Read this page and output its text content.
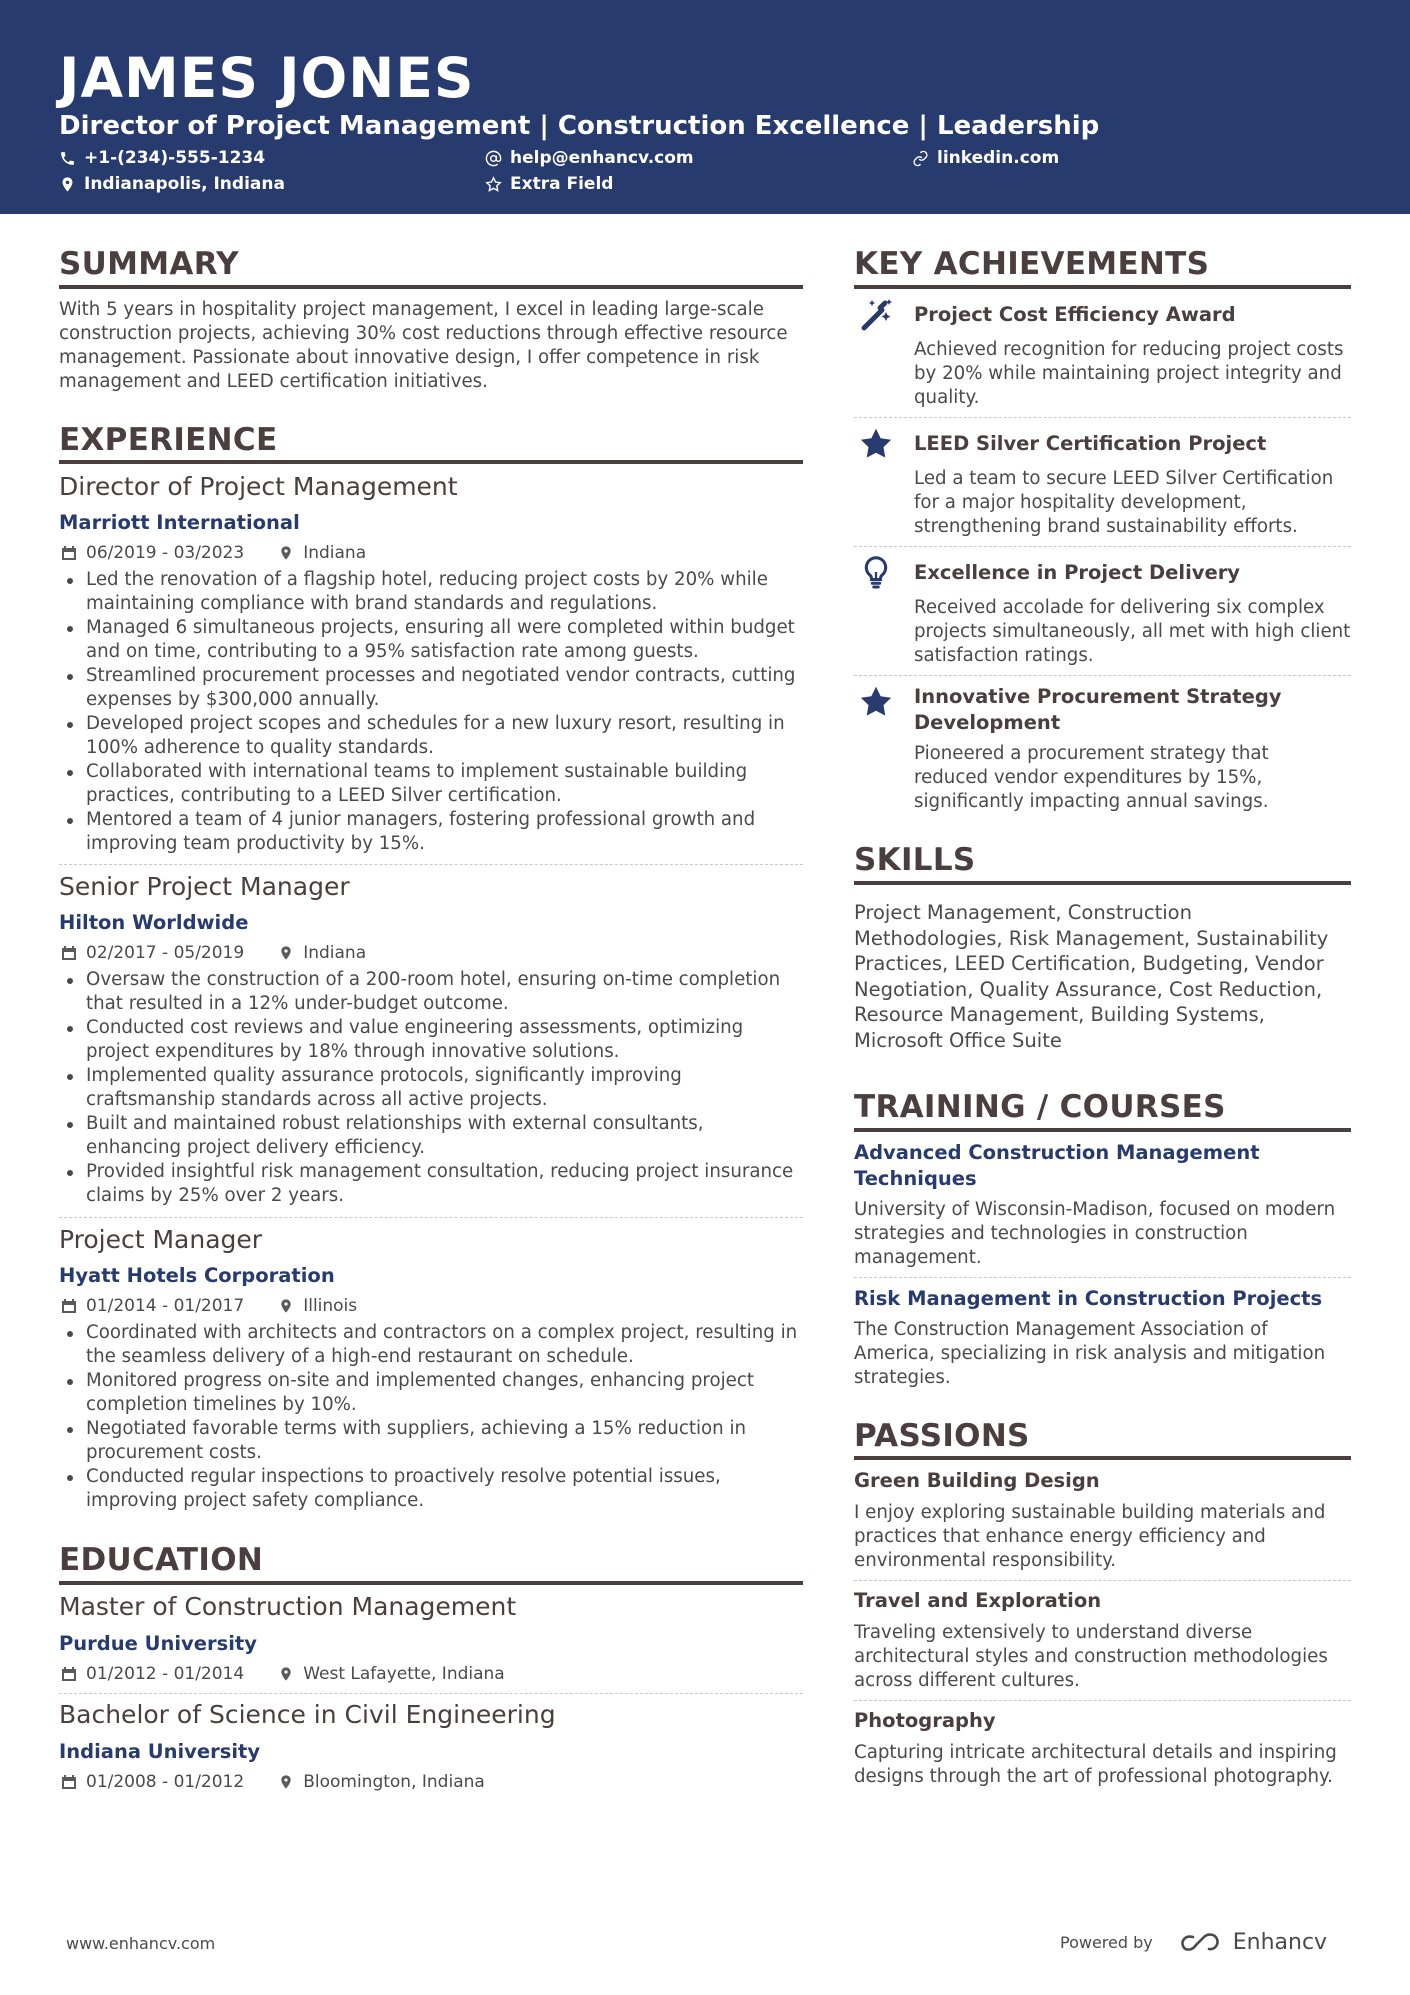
JAMES JONES
Director of Project Management | Construction Excellence | Leadership
+1-(234)-555-1234	help@enhancv.com	linkedin.com
Indianapolis, Indiana	Extra Field
SUMMARY
With 5 years in hospitality project management, I excel in leading large-scale
construction projects, achieving 30% cost reductions through effective resource
management. Passionate about innovative design, I offer competence in risk
management and LEED certification initiatives.
EXPERIENCE
Director of Project Management
Marriott International
06/2019 - 03/2023	Indiana
Led the renovation of a flagship hotel, reducing project costs by 20% while
maintaining compliance with brand standards and regulations.
Managed 6 simultaneous projects, ensuring all were completed within budget
and on time, contributing to a 95% satisfaction rate among guests.
Streamlined procurement processes and negotiated vendor contracts, cutting
expenses by $300,000 annually.
Developed project scopes and schedules for a new luxury resort, resulting in
100% adherence to quality standards.
Collaborated with international teams to implement sustainable building
practices, contributing to a LEED Silver certification.
Mentored a team of 4 junior managers, fostering professional growth and
improving team productivity by 15%.
Senior Project Manager
Hilton Worldwide
02/2017 - 05/2019	Indiana
Oversaw the construction of a 200-room hotel, ensuring on-time completion
that resulted in a 12% under-budget outcome.
Conducted cost reviews and value engineering assessments, optimizing
project expenditures by 18% through innovative solutions.
Implemented quality assurance protocols, significantly improving
craftsmanship standards across all active projects.
Built and maintained robust relationships with external consultants,
enhancing project delivery efficiency.
Provided insightful risk management consultation, reducing project insurance
claims by 25% over 2 years.
Project Manager
Hyatt Hotels Corporation
01/2014 - 01/2017	Illinois
Coordinated with architects and contractors on a complex project, resulting in
the seamless delivery of a high-end restaurant on schedule.
Monitored progress on-site and implemented changes, enhancing project
completion timelines by 10%.
Negotiated favorable terms with suppliers, achieving a 15% reduction in
procurement costs.
Conducted regular inspections to proactively resolve potential issues,
improving project safety compliance.
EDUCATION
Master of Construction Management
Purdue University
01/2012 - 01/2014	West Lafayette, Indiana
Bachelor of Science in Civil Engineering
Indiana University
01/2008 - 01/2012	Bloomington, Indiana
KEY ACHIEVEMENTS
Project Cost Efficiency Award
Achieved recognition for reducing project costs
by 20% while maintaining project integrity and
quality.
LEED Silver Certification Project
Led a team to secure LEED Silver Certification
for a major hospitality development,
strengthening brand sustainability efforts.
Excellence in Project Delivery
Received accolade for delivering six complex
projects simultaneously, all met with high client
satisfaction ratings.
Innovative Procurement Strategy
Development
Pioneered a procurement strategy that
reduced vendor expenditures by 15%,
significantly impacting annual savings.
SKILLS
Project Management, Construction
Methodologies, Risk Management, Sustainability
Practices, LEED Certification, Budgeting, Vendor
Negotiation, Quality Assurance, Cost Reduction,
Resource Management, Building Systems,
Microsoft Office Suite
TRAINING / COURSES
Advanced Construction Management
Techniques
University of Wisconsin-Madison, focused on modern
strategies and technologies in construction
management.
Risk Management in Construction Projects
The Construction Management Association of
America, specializing in risk analysis and mitigation
strategies.
PASSIONS
Green Building Design
I enjoy exploring sustainable building materials and
practices that enhance energy efficiency and
environmental responsibility.
Travel and Exploration
Traveling extensively to understand diverse
architectural styles and construction methodologies
across different cultures.
Photography
Capturing intricate architectural details and inspiring
designs through the art of professional photography.
www.enhancv.com	Powered by	Enhancv
